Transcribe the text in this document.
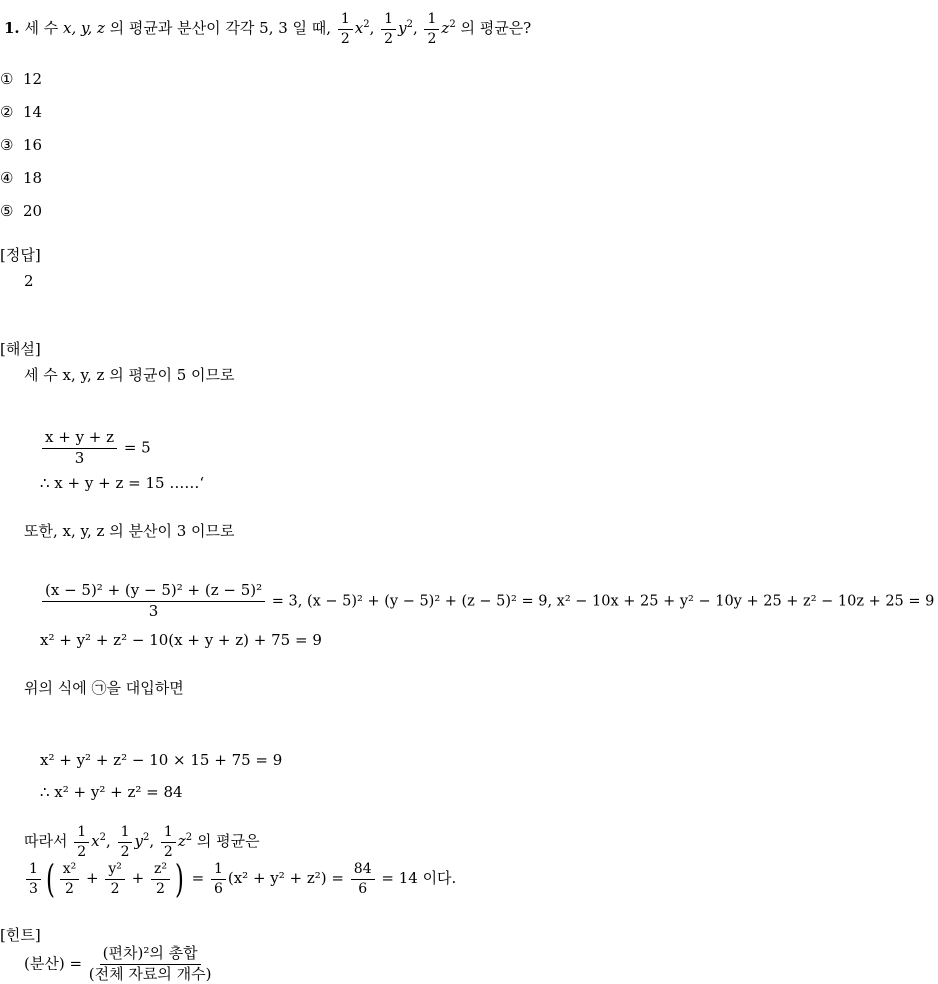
1. 세 수 x, y, z 의 평균과 분산이 각각 5, 3 일 때, $\frac{1}{2} x^2$, $\frac{1}{2} y^2$, $\frac{1}{2} z^2$ 의 평균은?
① 12
② 14
③ 16
④ 18
⑤ 20
[정답]
2
[해설]
세 수 x, y, z 의 평균이 5 이므로
$\frac{x + y + z}{3} = 5$
∴ x + y + z = 15 ……‘
또한, x, y, z 의 분산이 3 이므로
$\frac{\text{(x − 5)² + (y − 5)² + (z − 5)²}}{3} = 3$, (x − 5)² + (y − 5)² + (z − 5)² = 9, x² − 10x + 25 + y² − 10y + 25 + z² − 10z + 25 = 9
x² + y² + z² − 10(x + y + z) + 75 = 9
위의 식에 ㉠을 대입하면
x² + y² + z² − 10 × 15 + 75 = 9
∴ x² + y² + z² = 84
따라서 $\frac{1}{2} x^2$, $\frac{1}{2} y^2$, $\frac{1}{2} z^2$ 의 평균은
$\frac{1}{3}$ ( $\frac{\text{x²}}{2} + \frac{\text{y²}}{2} + \frac{\text{z²}}{2}$ ) = $\frac{1}{6} (x^2 + y^2 + z^2) = \frac{84}{6} = 14$ 이다.
[힌트]
(분산) = $\frac{\text{(편차)²의 총합}}{\text{(전체 자료의 개수)}}$
